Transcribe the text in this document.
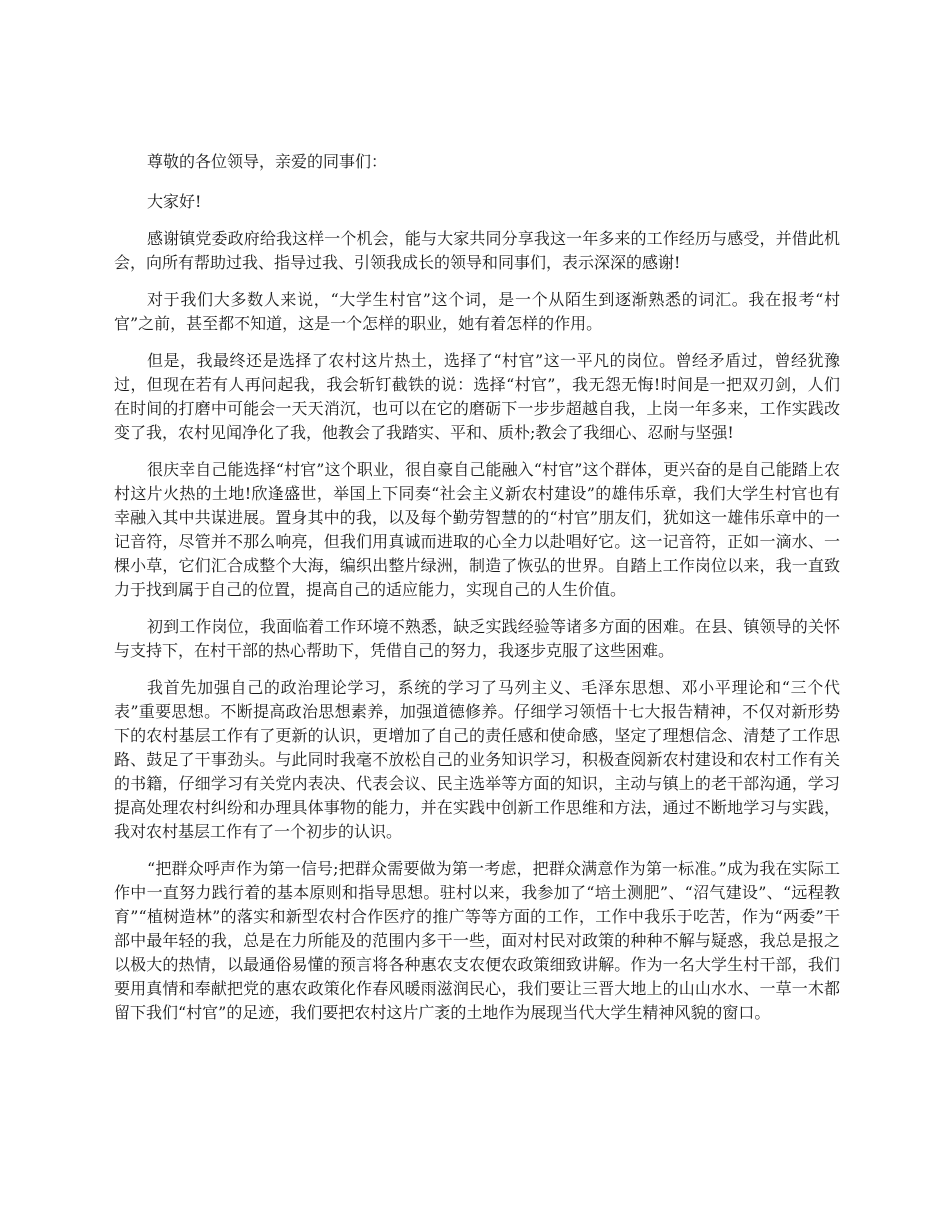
尊敬的各位领导，亲爱的同事们：

大家好!

感谢镇党委政府给我这样一个机会，能与大家共同分享我这一年多来的工作经历与感受，并借此机会，向所有帮助过我、指导过我、引领我成长的领导和同事们，表示深深的感谢!

对于我们大多数人来说，“大学生村官”这个词，是一个从陌生到逐渐熟悉的词汇。我在报考“村官”之前，甚至都不知道，这是一个怎样的职业，她有着怎样的作用。

但是，我最终还是选择了农村这片热土，选择了“村官”这一平凡的岗位。曾经矛盾过，曾经犹豫过，但现在若有人再问起我，我会斩钉截铁的说：选择“村官”，我无怨无悔!时间是一把双刃剑，人们在时间的打磨中可能会一天天消沉，也可以在它的磨砺下一步步超越自我，上岗一年多来，工作实践改变了我，农村见闻净化了我，他教会了我踏实、平和、质朴;教会了我细心、忍耐与坚强!

很庆幸自己能选择“村官”这个职业，很自豪自己能融入“村官”这个群体，更兴奋的是自己能踏上农村这片火热的土地!欣逢盛世，举国上下同奏“社会主义新农村建设”的雄伟乐章，我们大学生村官也有幸融入其中共谋进展。置身其中的我，以及每个勤劳智慧的的“村官”朋友们，犹如这一雄伟乐章中的一记音符，尽管并不那么响亮，但我们用真诚而进取的心全力以赴唱好它。这一记音符，正如一滴水、一棵小草，它们汇合成整个大海，编织出整片绿洲，制造了恢弘的世界。自踏上工作岗位以来，我一直致力于找到属于自己的位置，提高自己的适应能力，实现自己的人生价值。

初到工作岗位，我面临着工作环境不熟悉，缺乏实践经验等诸多方面的困难。在县、镇领导的关怀与支持下，在村干部的热心帮助下，凭借自己的努力，我逐步克服了这些困难。

我首先加强自己的政治理论学习，系统的学习了马列主义、毛泽东思想、邓小平理论和“三个代表”重要思想。不断提高政治思想素养，加强道德修养。仔细学习领悟十七大报告精神，不仅对新形势下的农村基层工作有了更新的认识，更增加了自己的责任感和使命感，坚定了理想信念、清楚了工作思路、鼓足了干事劲头。与此同时我毫不放松自己的业务知识学习，积极查阅新农村建设和农村工作有关的书籍，仔细学习有关党内表决、代表会议、民主选举等方面的知识，主动与镇上的老干部沟通，学习提高处理农村纠纷和办理具体事物的能力，并在实践中创新工作思维和方法，通过不断地学习与实践，我对农村基层工作有了一个初步的认识。

“把群众呼声作为第一信号;把群众需要做为第一考虑，把群众满意作为第一标准。”成为我在实际工作中一直努力践行着的基本原则和指导思想。驻村以来，我参加了“培土测肥”、“沼气建设”、“远程教育”“植树造林”的落实和新型农村合作医疗的推广等等方面的工作，工作中我乐于吃苦，作为“两委”干部中最年轻的我，总是在力所能及的范围内多干一些，面对村民对政策的种种不解与疑惑，我总是报之以极大的热情，以最通俗易懂的预言将各种惠农支农便农政策细致讲解。作为一名大学生村干部，我们要用真情和奉献把党的惠农政策化作春风暖雨滋润民心，我们要让三晋大地上的山山水水、一草一木都留下我们“村官”的足迹，我们要把农村这片广袤的土地作为展现当代大学生精神风貌的窗口。
